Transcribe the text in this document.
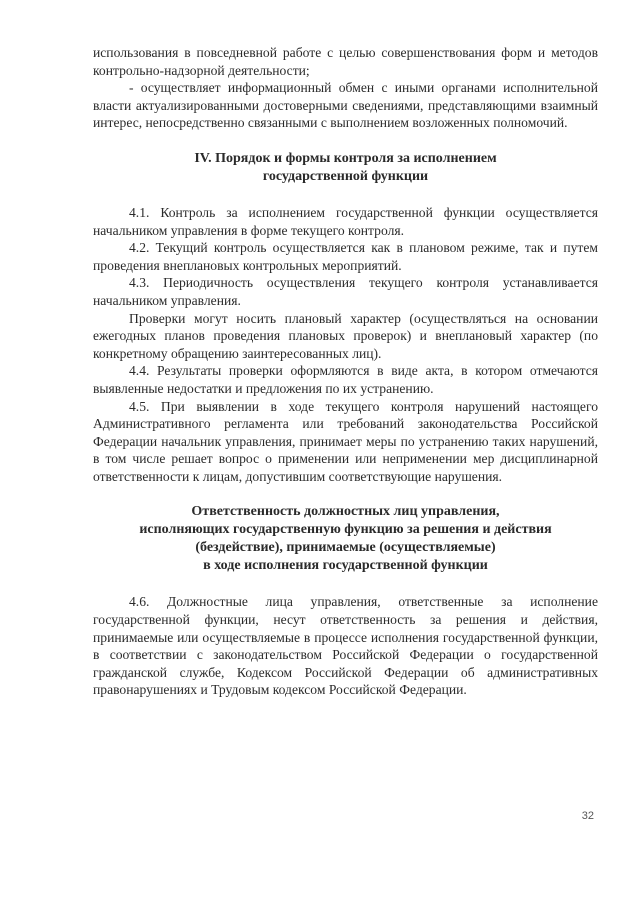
использования в повседневной работе с целью совершенствования форм и методов контрольно-надзорной деятельности;

- осуществляет информационный обмен с иными органами исполнительной власти актуализированными достоверными сведениями, представляющими взаимный интерес, непосредственно связанными с выполнением возложенных полномочий.

IV. Порядок и формы контроля за исполнением
государственной функции

4.1. Контроль за исполнением государственной функции осуществляется начальником управления в форме текущего контроля.

4.2. Текущий контроль осуществляется как в плановом режиме, так и путем проведения внеплановых контрольных мероприятий.

4.3. Периодичность осуществления текущего контроля устанавливается начальником управления.

Проверки могут носить плановый характер (осуществляться на основании ежегодных планов проведения плановых проверок) и внеплановый характер (по конкретному обращению заинтересованных лиц).

4.4. Результаты проверки оформляются в виде акта, в котором отмечаются выявленные недостатки и предложения по их устранению.

4.5. При выявлении в ходе текущего контроля нарушений настоящего Административного регламента или требований законодательства Российской Федерации начальник управления, принимает меры по устранению таких нарушений, в том числе решает вопрос о применении или неприменении мер дисциплинарной ответственности к лицам, допустившим соответствующие нарушения.

Ответственность должностных лиц управления,
исполняющих государственную функцию за решения и действия
(бездействие), принимаемые (осуществляемые)
в ходе исполнения государственной функции

4.6. Должностные лица управления, ответственные за исполнение государственной функции, несут ответственность за решения и действия, принимаемые или осуществляемые в процессе исполнения государственной функции, в соответствии с законодательством Российской Федерации о государственной гражданской службе, Кодексом Российской Федерации об административных правонарушениях и Трудовым кодексом Российской Федерации.

32
